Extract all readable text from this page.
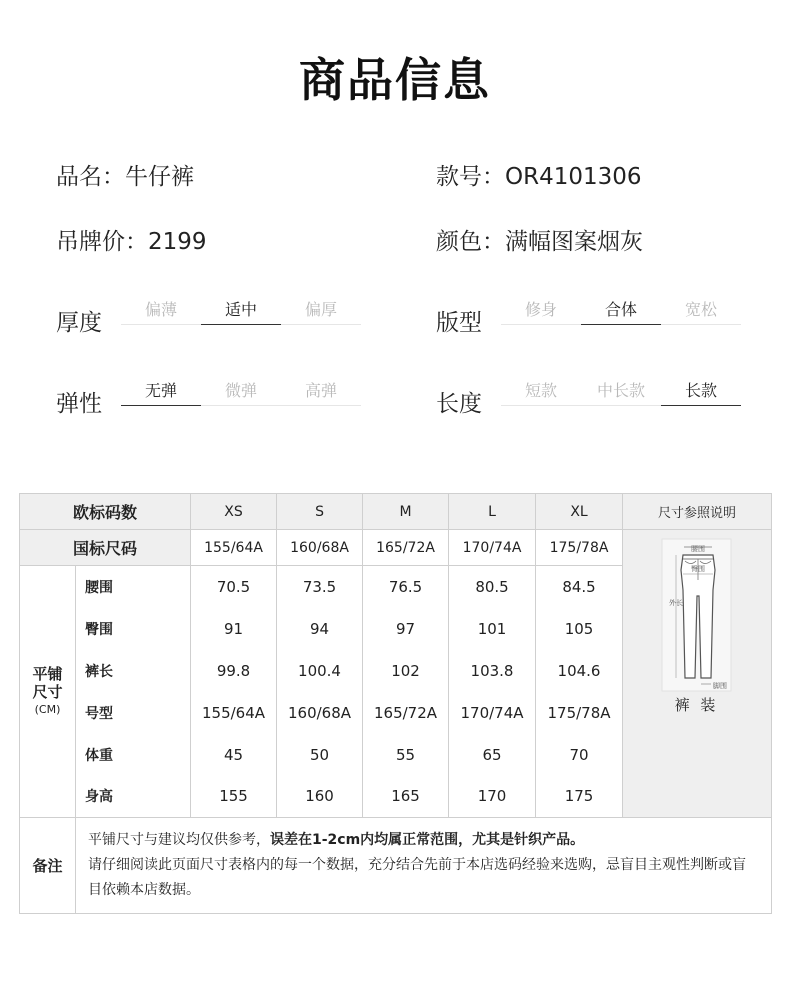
商品信息
品名：牛仔裤	款号：OR4101306
吊牌价：2199	颜色：满幅图案烟灰
厚度
偏薄	适中	偏厚
版型
修身	合体	宽松
弹性
无弹	微弹	高弹
长度
短款	中长款	长款
欧标码数		XS	S	M	L	XL	尺寸参照说明
国标尺码		155/64A	160/68A	165/72A	170/74A	175/78A	腰围
臀围
外长
脚围
裤 装

平铺尺寸
(CM)	腰围	70.5	73.5	76.5	80.5	84.5	
	臀围	91	94	97	101	105	
	裤长	99.8	100.4	102	103.8	104.6	
	号型	155/64A	160/68A	165/72A	170/74A	175/78A	
	体重	45	50	55	65	70	
	身高	155	160	165	170	175	
备注	平铺尺寸与建议均仅供参考，误差在1-2cm内均属正常范围，尤其是针织产品。
请仔细阅读此页面尺寸表格内的每一个数据，充分结合先前于本店选码经验来选购，忌盲目主观性判断或盲目依赖本店数据。						
